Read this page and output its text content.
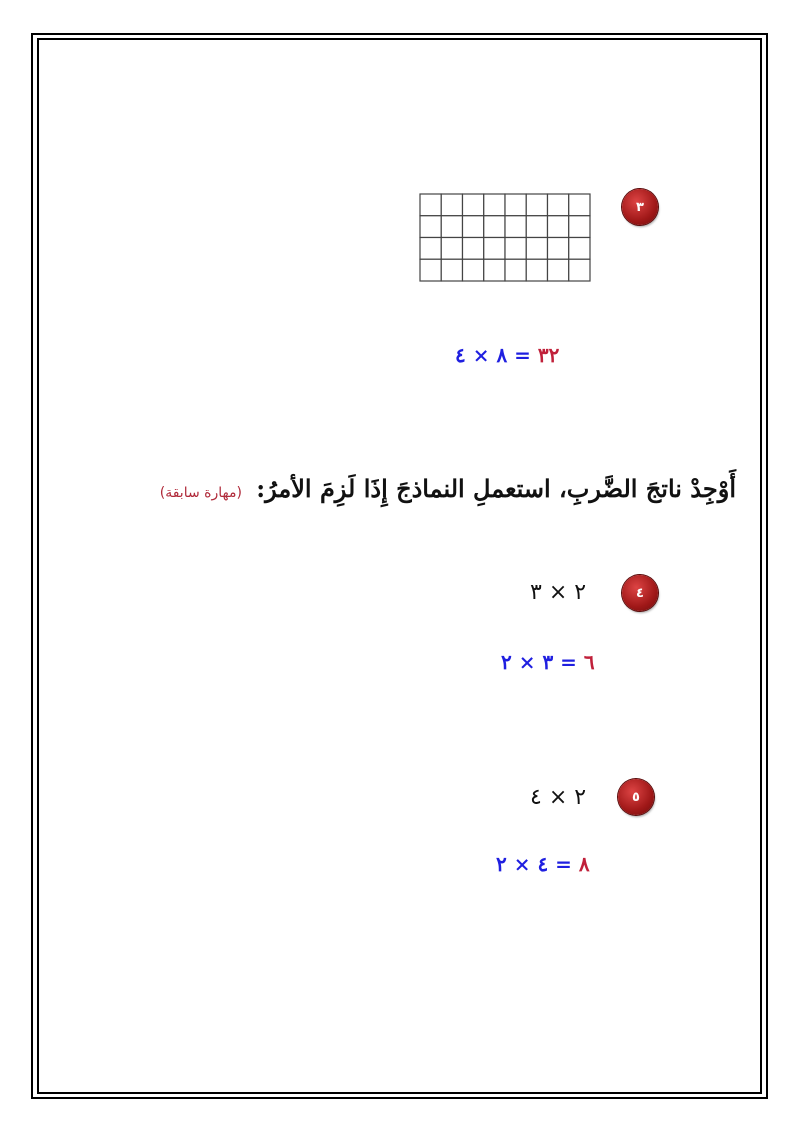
٣
٣٢ = ٨ × ٤
أَوْجِدْ ناتجَ الضَّربِ، استعملِ النماذجَ إِذَا لَزِمَ الأمرُ: (مهارة سابقة)
٤
٢ × ٣
٦ = ٣ × ٢
٥
٢ × ٤
٨ = ٤ × ٢
